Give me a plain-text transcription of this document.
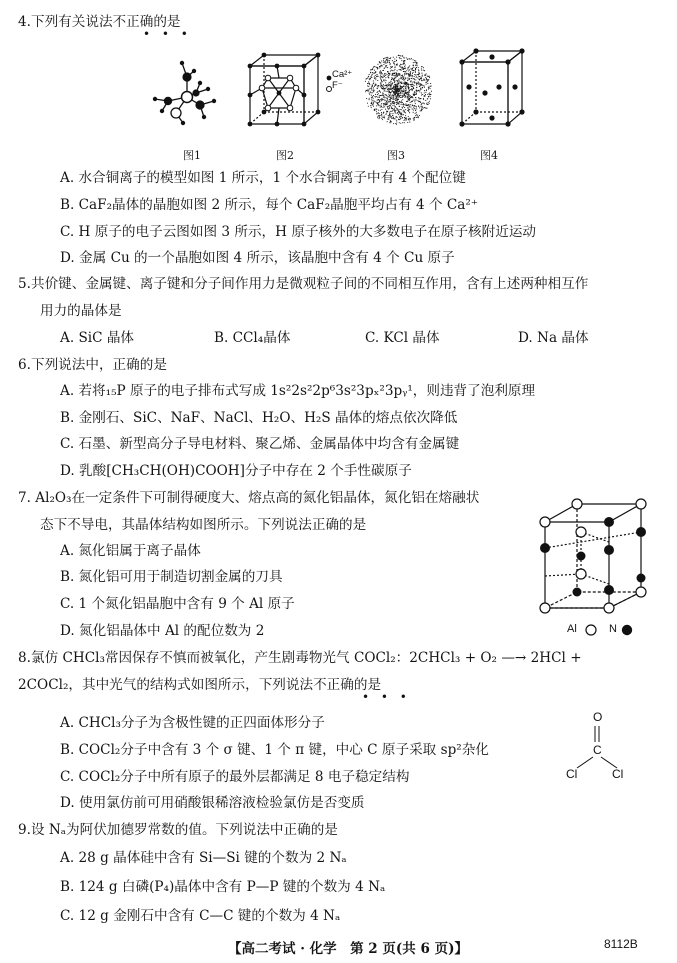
4.下列有关说法不正确的是
• • •
Ca²⁺
F⁻
图1	图2	图3	图4
A. 水合铜离子的模型如图 1 所示，1 个水合铜离子中有 4 个配位键
B. CaF₂晶体的晶胞如图 2 所示，每个 CaF₂晶胞平均占有 4 个 Ca²⁺
C. H 原子的电子云图如图 3 所示，H 原子核外的大多数电子在原子核附近运动
D. 金属 Cu 的一个晶胞如图 4 所示，该晶胞中含有 4 个 Cu 原子
5.共价键、金属键、离子键和分子间作用力是微观粒子间的不同相互作用，含有上述两种相互作
用力的晶体是
A. SiC 晶体	B. CCl₄晶体	C. KCl 晶体	D. Na 晶体
6.下列说法中，正确的是
A. 若将₁₅P 原子的电子排布式写成 1s²2s²2p⁶3s²3pₓ²3pᵧ¹，则违背了泡利原理
B. 金刚石、SiC、NaF、NaCl、H₂O、H₂S 晶体的熔点依次降低
C. 石墨、新型高分子导电材料、聚乙烯、金属晶体中均含有金属键
D. 乳酸[CH₃CH(OH)COOH]分子中存在 2 个手性碳原子
7. Al₂O₃在一定条件下可制得硬度大、熔点高的氮化铝晶体，氮化铝在熔融状
态下不导电，其晶体结构如图所示。下列说法正确的是
A. 氮化铝属于离子晶体
B. 氮化铝可用于制造切割金属的刀具
C. 1 个氮化铝晶胞中含有 9 个 Al 原子
D. 氮化铝晶体中 Al 的配位数为 2	Al	N
8.氯仿 CHCl₃常因保存不慎而被氧化，产生剧毒物光气 COCl₂：2CHCl₃ + O₂ —→ 2HCl +
2COCl₂，其中光气的结构式如图所示，下列说法不正确的是
• • •
A. CHCl₃分子为含极性键的正四面体形分子
B. COCl₂分子中含有 3 个 σ 键、1 个 π 键，中心 C 原子采取 sp²杂化
C. COCl₂分子中所有原子的最外层都满足 8 电子稳定结构
D. 使用氯仿前可用硝酸银稀溶液检验氯仿是否变质
O
C
Cl	Cl
9.设 Nₐ为阿伏加德罗常数的值。下列说法中正确的是
A. 28 g 晶体硅中含有 Si—Si 键的个数为 2 Nₐ
B. 124 g 白磷(P₄)晶体中含有 P—P 键的个数为 4 Nₐ
C. 12 g 金刚石中含有 C—C 键的个数为 4 Nₐ
【高二考试 · 化学　第 2 页(共 6 页)】	8112B
